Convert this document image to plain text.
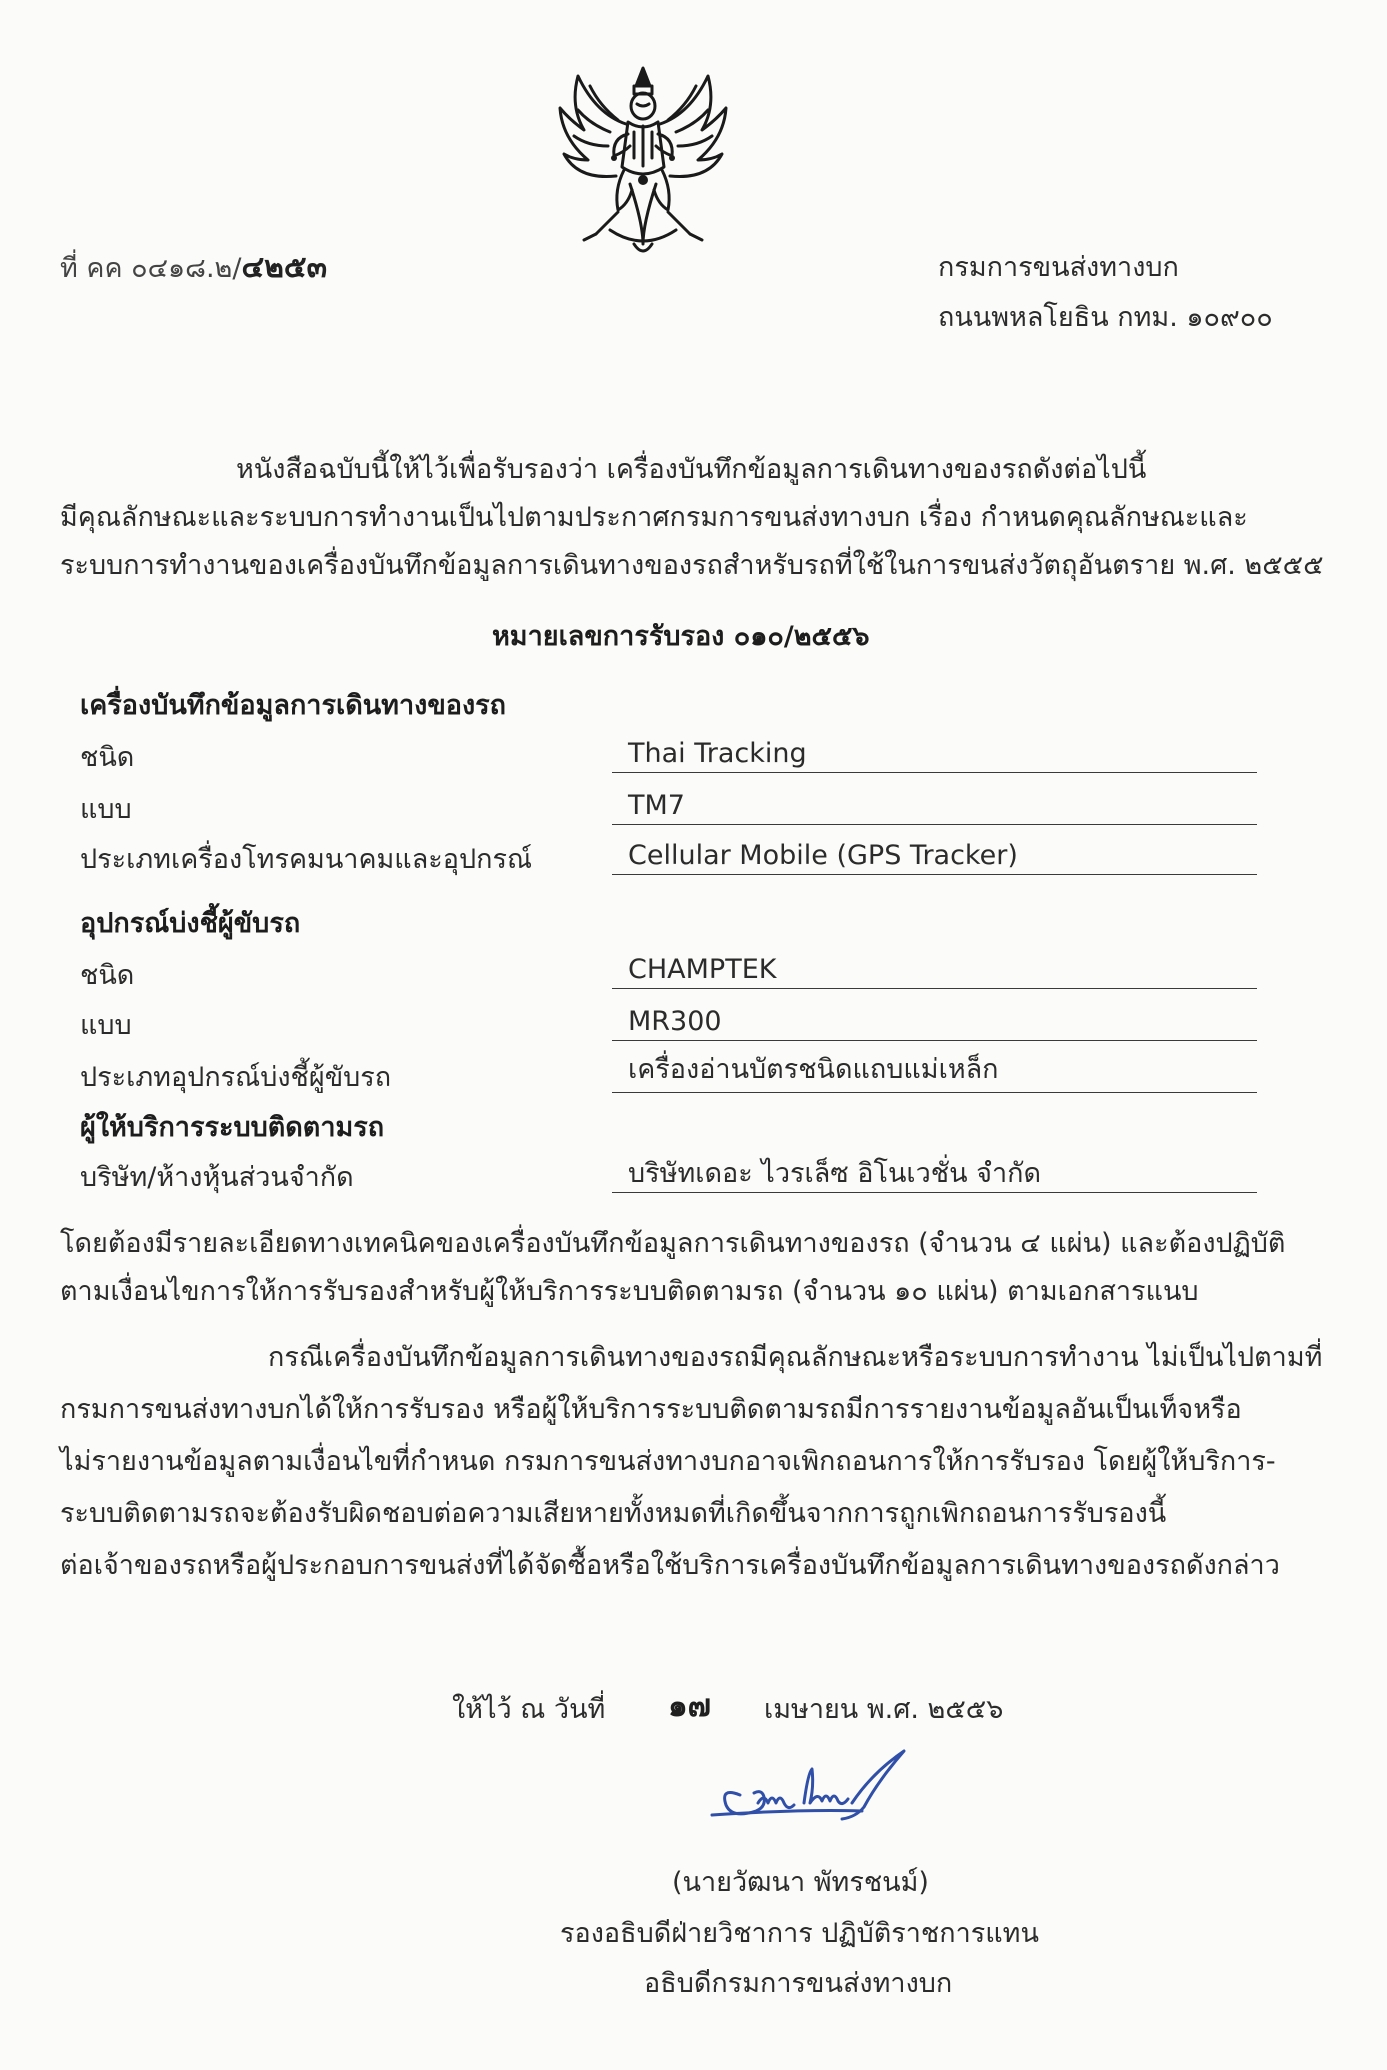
ที่ คค ๐๔๑๘.๒/๔๒๕๓	กรมการขนส่งทางบก
ถนนพหลโยธิน กทม. ๑๐๙๐๐
หนังสือฉบับนี้ให้ไว้เพื่อรับรองว่า เครื่องบันทึกข้อมูลการเดินทางของรถดังต่อไปนี้
มีคุณลักษณะและระบบการทำงานเป็นไปตามประกาศกรมการขนส่งทางบก เรื่อง กำหนดคุณลักษณะและ
ระบบการทำงานของเครื่องบันทึกข้อมูลการเดินทางของรถสำหรับรถที่ใช้ในการขนส่งวัตถุอันตราย พ.ศ. ๒๕๕๕
หมายเลขการรับรอง ๐๑๐/๒๕๕๖
เครื่องบันทึกข้อมูลการเดินทางของรถ
ชนิด	Thai Tracking
แบบ	TM7
ประเภทเครื่องโทรคมนาคมและอุปกรณ์	Cellular Mobile (GPS Tracker)
อุปกรณ์บ่งชี้ผู้ขับรถ
ชนิด	CHAMPTEK
แบบ	MR300
ประเภทอุปกรณ์บ่งชี้ผู้ขับรถ	เครื่องอ่านบัตรชนิดแถบแม่เหล็ก
ผู้ให้บริการระบบติดตามรถ
บริษัท/ห้างหุ้นส่วนจำกัด	บริษัทเดอะ ไวรเล็ซ อิโนเวชั่น จำกัด
โดยต้องมีรายละเอียดทางเทคนิคของเครื่องบันทึกข้อมูลการเดินทางของรถ (จำนวน ๔ แผ่น) และต้องปฏิบัติ
ตามเงื่อนไขการให้การรับรองสำหรับผู้ให้บริการระบบติดตามรถ (จำนวน ๑๐ แผ่น) ตามเอกสารแนบ
กรณีเครื่องบันทึกข้อมูลการเดินทางของรถมีคุณลักษณะหรือระบบการทำงาน ไม่เป็นไปตามที่
กรมการขนส่งทางบกได้ให้การรับรอง หรือผู้ให้บริการระบบติดตามรถมีการรายงานข้อมูลอันเป็นเท็จหรือ
ไม่รายงานข้อมูลตามเงื่อนไขที่กำหนด กรมการขนส่งทางบกอาจเพิกถอนการให้การรับรอง โดยผู้ให้บริการ-
ระบบติดตามรถจะต้องรับผิดชอบต่อความเสียหายทั้งหมดที่เกิดขึ้นจากการถูกเพิกถอนการรับรองนี้
ต่อเจ้าของรถหรือผู้ประกอบการขนส่งที่ได้จัดซื้อหรือใช้บริการเครื่องบันทึกข้อมูลการเดินทางของรถดังกล่าว
ให้ไว้ ณ วันที่ ๑๗ เมษายน พ.ศ. ๒๕๕๖
(นายวัฒนา พัทรชนม์)
รองอธิบดีฝ่ายวิชาการ ปฏิบัติราชการแทน
อธิบดีกรมการขนส่งทางบก
